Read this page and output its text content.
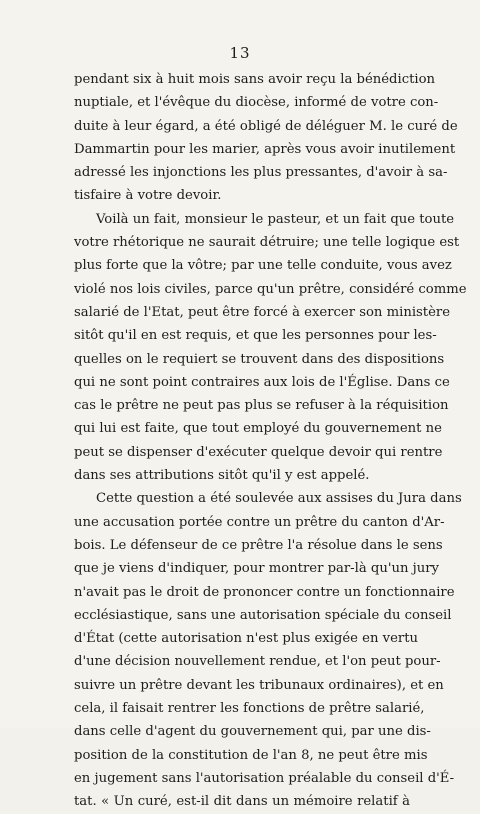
13
pendant six à huit mois sans avoir reçu la bénédiction
nuptiale, et l'évêque du diocèse, informé de votre con-
duite à leur égard, a été obligé de déléguer M. le curé de
Dammartin pour les marier, après vous avoir inutilement
adressé les injonctions les plus pressantes, d'avoir à sa-
tisfaire à votre devoir.
Voilà un fait, monsieur le pasteur, et un fait que toute
votre rhétorique ne saurait détruire; une telle logique est
plus forte que la vôtre; par une telle conduite, vous avez
violé nos lois civiles, parce qu'un prêtre, considéré comme
salarié de l'Etat, peut être forcé à exercer son ministère
sitôt qu'il en est requis, et que les personnes pour les-
quelles on le requiert se trouvent dans des dispositions
qui ne sont point contraires aux lois de l'Église. Dans ce
cas le prêtre ne peut pas plus se refuser à la réquisition
qui lui est faite, que tout employé du gouvernement ne
peut se dispenser d'exécuter quelque devoir qui rentre
dans ses attributions sitôt qu'il y est appelé.
Cette question a été soulevée aux assises du Jura dans
une accusation portée contre un prêtre du canton d'Ar-
bois. Le défenseur de ce prêtre l'a résolue dans le sens
que je viens d'indiquer, pour montrer par-là qu'un jury
n'avait pas le droit de prononcer contre un fonctionnaire
ecclésiastique, sans une autorisation spéciale du conseil
d'État (cette autorisation n'est plus exigée en vertu
d'une décision nouvellement rendue, et l'on peut pour-
suivre un prêtre devant les tribunaux ordinaires), et en
cela, il faisait rentrer les fonctions de prêtre salarié,
dans celle d'agent du gouvernement qui, par une dis-
position de la constitution de l'an 8, ne peut être mis
en jugement sans l'autorisation préalable du conseil d'É-
tat. « Un curé, est-il dit dans un mémoire relatif à
